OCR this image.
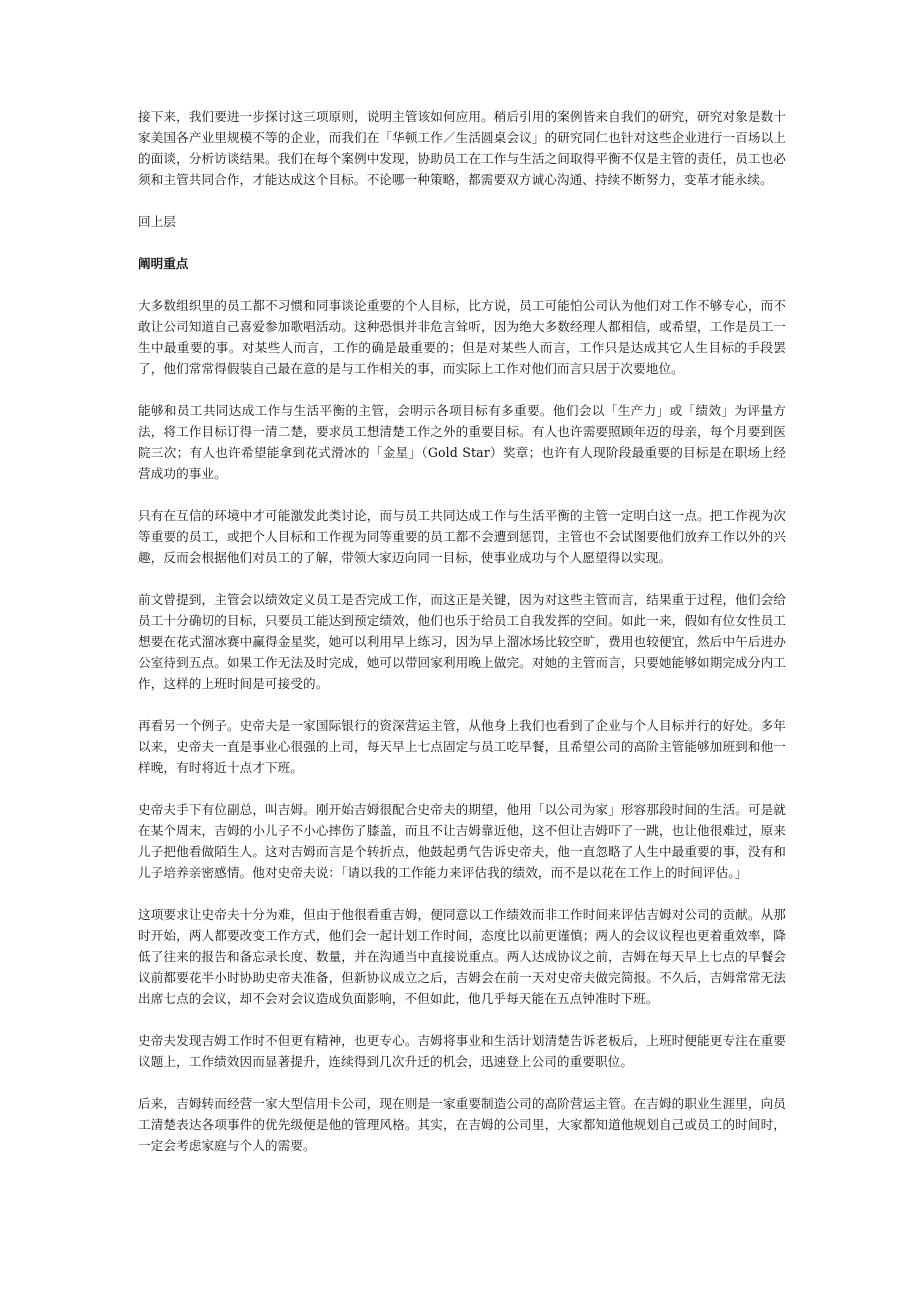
接下来，我们要进一步探讨这三项原则，说明主管该如何应用。稍后引用的案例皆来自我们的研究，研究对象是数十家美国各产业里规模不等的企业，而我们在「华顿工作／生活圆桌会议」的研究同仁也针对这些企业进行一百场以上的面谈，分析访谈结果。我们在每个案例中发现，协助员工在工作与生活之间取得平衡不仅是主管的责任，员工也必须和主管共同合作，才能达成这个目标。不论哪一种策略，都需要双方诚心沟通、持续不断努力，变革才能永续。

回上层
阐明重点

大多数组织里的员工都不习惯和同事谈论重要的个人目标，比方说，员工可能怕公司认为他们对工作不够专心，而不敢让公司知道自己喜爱参加歌唱活动。这种恐惧并非危言耸听，因为绝大多数经理人都相信，或希望，工作是员工一生中最重要的事。对某些人而言，工作的确是最重要的；但是对某些人而言，工作只是达成其它人生目标的手段罢了，他们常常得假装自己最在意的是与工作相关的事，而实际上工作对他们而言只居于次要地位。

能够和员工共同达成工作与生活平衡的主管，会明示各项目标有多重要。他们会以「生产力」或「绩效」为评量方法，将工作目标订得一清二楚，要求员工想清楚工作之外的重要目标。有人也许需要照顾年迈的母亲，每个月要到医院三次；有人也许希望能拿到花式滑冰的「金星」（Gold Star）奖章；也许有人现阶段最重要的目标是在职场上经营成功的事业。

只有在互信的环境中才可能激发此类讨论，而与员工共同达成工作与生活平衡的主管一定明白这一点。把工作视为次等重要的员工，或把个人目标和工作视为同等重要的员工都不会遭到惩罚，主管也不会试图要他们放弃工作以外的兴趣，反而会根据他们对员工的了解，带领大家迈向同一目标，使事业成功与个人愿望得以实现。

前文曾提到，主管会以绩效定义员工是否完成工作，而这正是关键，因为对这些主管而言，结果重于过程，他们会给员工十分确切的目标，只要员工能达到预定绩效，他们也乐于给员工自我发挥的空间。如此一来，假如有位女性员工想要在花式溜冰赛中赢得金星奖，她可以利用早上练习，因为早上溜冰场比较空旷，费用也较便宜，然后中午后进办公室待到五点。如果工作无法及时完成，她可以带回家利用晚上做完。对她的主管而言，只要她能够如期完成分内工作，这样的上班时间是可接受的。

再看另一个例子。史帝夫是一家国际银行的资深营运主管，从他身上我们也看到了企业与个人目标并行的好处。多年以来，史帝夫一直是事业心很强的上司，每天早上七点固定与员工吃早餐，且希望公司的高阶主管能够加班到和他一样晚，有时将近十点才下班。

史帝夫手下有位副总，叫吉姆。刚开始吉姆很配合史帝夫的期望，他用「以公司为家」形容那段时间的生活。可是就在某个周末，吉姆的小儿子不小心摔伤了膝盖，而且不让吉姆靠近他，这不但让吉姆吓了一跳，也让他很难过，原来儿子把他看做陌生人。这对吉姆而言是个转折点，他鼓起勇气告诉史帝夫，他一直忽略了人生中最重要的事，没有和儿子培养亲密感情。他对史帝夫说：「请以我的工作能力来评估我的绩效，而不是以花在工作上的时间评估。」

这项要求让史帝夫十分为难，但由于他很看重吉姆，便同意以工作绩效而非工作时间来评估吉姆对公司的贡献。从那时开始，两人都要改变工作方式，他们会一起计划工作时间，态度比以前更谨慎；两人的会议议程也更着重效率，降低了往来的报告和备忘录长度、数量，并在沟通当中直接说重点。两人达成协议之前，吉姆在每天早上七点的早餐会议前都要花半小时协助史帝夫准备，但新协议成立之后，吉姆会在前一天对史帝夫做完简报。不久后，吉姆常常无法出席七点的会议，却不会对会议造成负面影响，不但如此，他几乎每天能在五点钟准时下班。

史帝夫发现吉姆工作时不但更有精神，也更专心。吉姆将事业和生活计划清楚告诉老板后，上班时便能更专注在重要议题上，工作绩效因而显著提升，连续得到几次升迁的机会，迅速登上公司的重要职位。

后来，吉姆转而经营一家大型信用卡公司，现在则是一家重要制造公司的高阶营运主管。在吉姆的职业生涯里，向员工清楚表达各项事件的优先级便是他的管理风格。其实，在吉姆的公司里，大家都知道他规划自己或员工的时间时，一定会考虑家庭与个人的需要。
